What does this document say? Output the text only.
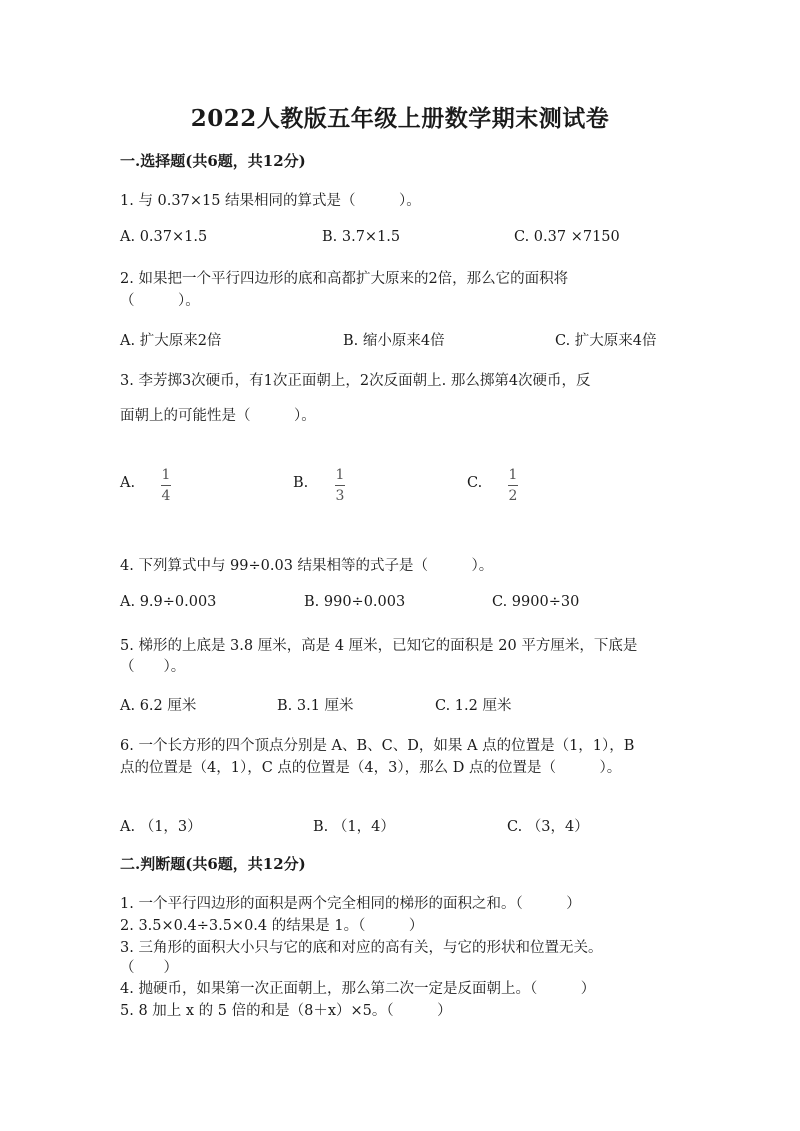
2022人教版五年级上册数学期末测试卷
一.选择题(共6题，共12分)
1. 与 0.37×15 结果相同的算式是（　　　）。
A. 0.37×1.5	B. 3.7×1.5	C. 0.37 ×7150
2. 如果把一个平行四边形的底和高都扩大原来的2倍，那么它的面积将
（　　　）。
A. 扩大原来2倍	B. 缩小原来4倍	C. 扩大原来4倍
3. 李芳掷3次硬币，有1次正面朝上，2次反面朝上. 那么掷第4次硬币，反
面朝上的可能性是（　　　）。
A. 1
4
B. 1
3
C. 1
2
4. 下列算式中与 99÷0.03 结果相等的式子是（　　　）。
A. 9.9÷0.003	B. 990÷0.003	C. 9900÷30
5. 梯形的上底是 3.8 厘米，高是 4 厘米，已知它的面积是 20 平方厘米，下底是
（　　）。
A. 6.2 厘米	B. 3.1 厘米	C. 1.2 厘米
6. 一个长方形的四个顶点分别是 A、B、C、D，如果 A 点的位置是（1，1），B
点的位置是（4，1），C 点的位置是（4，3），那么 D 点的位置是（　　　）。
A. （1，3）	B. （1，4）	C. （3，4）
二.判断题(共6题，共12分)
1. 一个平行四边形的面积是两个完全相同的梯形的面积之和。（　　　）
2. 3.5×0.4÷3.5×0.4 的结果是 1。（　　　）
3. 三角形的面积大小只与它的底和对应的高有关，与它的形状和位置无关。
（　　）
4. 抛硬币，如果第一次正面朝上，那么第二次一定是反面朝上。（　　　）
5. 8 加上 x 的 5 倍的和是（8＋x）×5。（　　　）
